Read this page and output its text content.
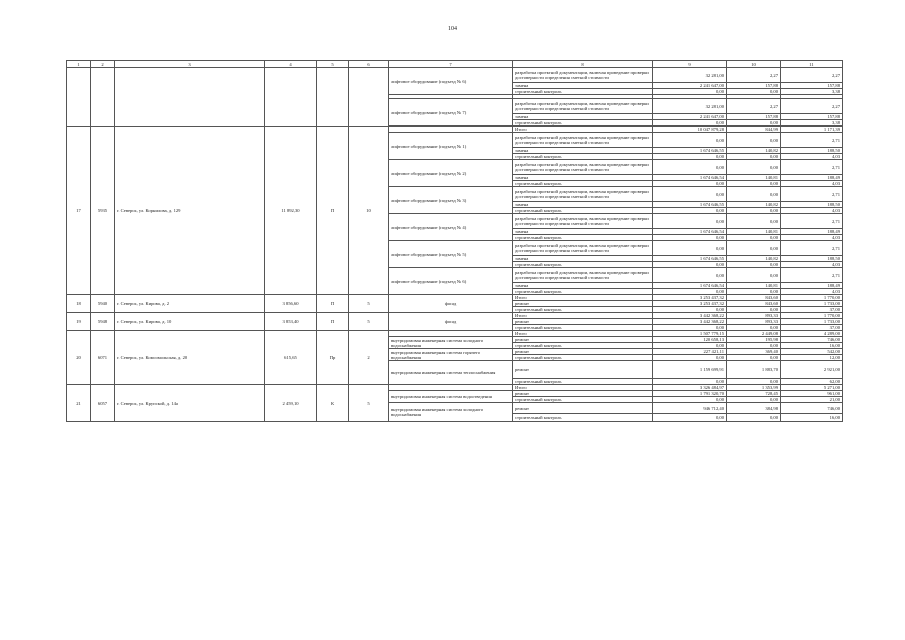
104
1	2	3	4	5	6	7	8	9	10	11
						лифтовое оборудование (подъезд № 6)	разработка проектной документации, включая проведение проверки достоверности определения сметной стоимости	32 281,00	2,27	2,27
							замена	2 241 647,00	157,88	157,88
							строительный контроль	0,00	0,00	3,38

						лифтовое оборудование (подъезд № 7)	разработка проектной документации, включая проведение проверки достоверности определения сметной стоимости	32 281,00	2,27	2,27
							замена	2 241 647,00	157,88	157,88
							строительный контроль	0,00	0,00	3,38

17	5935	г. Северск, ул. Корнилова, д. 129	11 892,30	П	10		Итого	10 047 879,28	844,99	1 171,39
						лифтовое оборудование (подъезд № 1)	разработка проектной документации, включая проведение проверки достоверности определения сметной стоимости	0,00	0,00	2,71
							замена	1 674 646,55	140,82	188,50
							строительный контроль	0,00	0,00	4,03
						лифтовое оборудование (подъезд № 2)	разработка проектной документации, включая проведение проверки достоверности определения сметной стоимости	0,00	0,00	2,71
							замена	1 674 646,54	140,81	188,49
							строительный контроль	0,00	0,00	4,03
						лифтовое оборудование (подъезд № 3)	разработка проектной документации, включая проведение проверки достоверности определения сметной стоимости	0,00	0,00	2,71
							замена	1 674 646,55	140,82	188,50
							строительный контроль	0,00	0,00	4,03
						лифтовое оборудование (подъезд № 4)	разработка проектной документации, включая проведение проверки достоверности определения сметной стоимости	0,00	0,00	2,71
							замена	1 674 646,54	140,81	188,49
							строительный контроль	0,00	0,00	4,03
						лифтовое оборудование (подъезд № 5)	разработка проектной документации, включая проведение проверки достоверности определения сметной стоимости	0,00	0,00	2,71
							замена	1 674 646,55	140,82	188,50
							строительный контроль	0,00	0,00	4,03
						лифтовое оборудование (подъезд № 6)	разработка проектной документации, включая проведение проверки достоверности определения сметной стоимости	0,00	0,00	2,71
							замена	1 674 646,54	140,81	188,49
							строительный контроль	0,00	0,00	4,03
18	5940	г. Северск, ул. Кирова, д. 2	3 856,60	П	5	фасад	Итого	3 253 437,32	843,60	1 770,00
							ремонт	3 253 437,32	843,60	1 733,00
							строительный контроль	0,00	0,00	37,00
19	5948	г. Северск, ул. Кирова, д. 10	3 853,40	П	5	фасад	Итого	3 442 368,22	893,33	1 770,00
							ремонт	3 442 368,22	893,33	1 733,00
							строительный контроль	0,00	0,00	37,00
20	6071	г. Северск, ул. Комсомольская, д. 20	615,65	Пр	2		Итого	1 507 779,15	2 449,08	4 289,00
						внутридомовая инженерная система холодного водоснабжения	ремонт	120 658,13	195,98	746,00
							строительный контроль	0,00	0,00	16,00
						внутридомовая инженерная система горячего водоснабжения	ремонт	227 421,11	369,40	542,00
							строительный контроль	0,00	0,00	12,00
						внутридомовая инженерная система теплоснабжения	ремонт	1 159 699,91	1 883,70	2 921,00
							строительный контроль	0,00	0,00	62,00
21	6057	г. Северск, ул. Крупской, д. 14а	2 459,10	К	5		Итого	3 326 484,97	1 353,99	5 271,00
						внутридомовая инженерная система водоотведения	ремонт	1 791 320,70	728,45	961,00
							строительный контроль	0,00	0,00	21,00
						внутридомовая инженерная система холодного водоснабжения	ремонт	946 712,40	384,98	746,00
							строительный контроль	0,00	0,00	16,00
